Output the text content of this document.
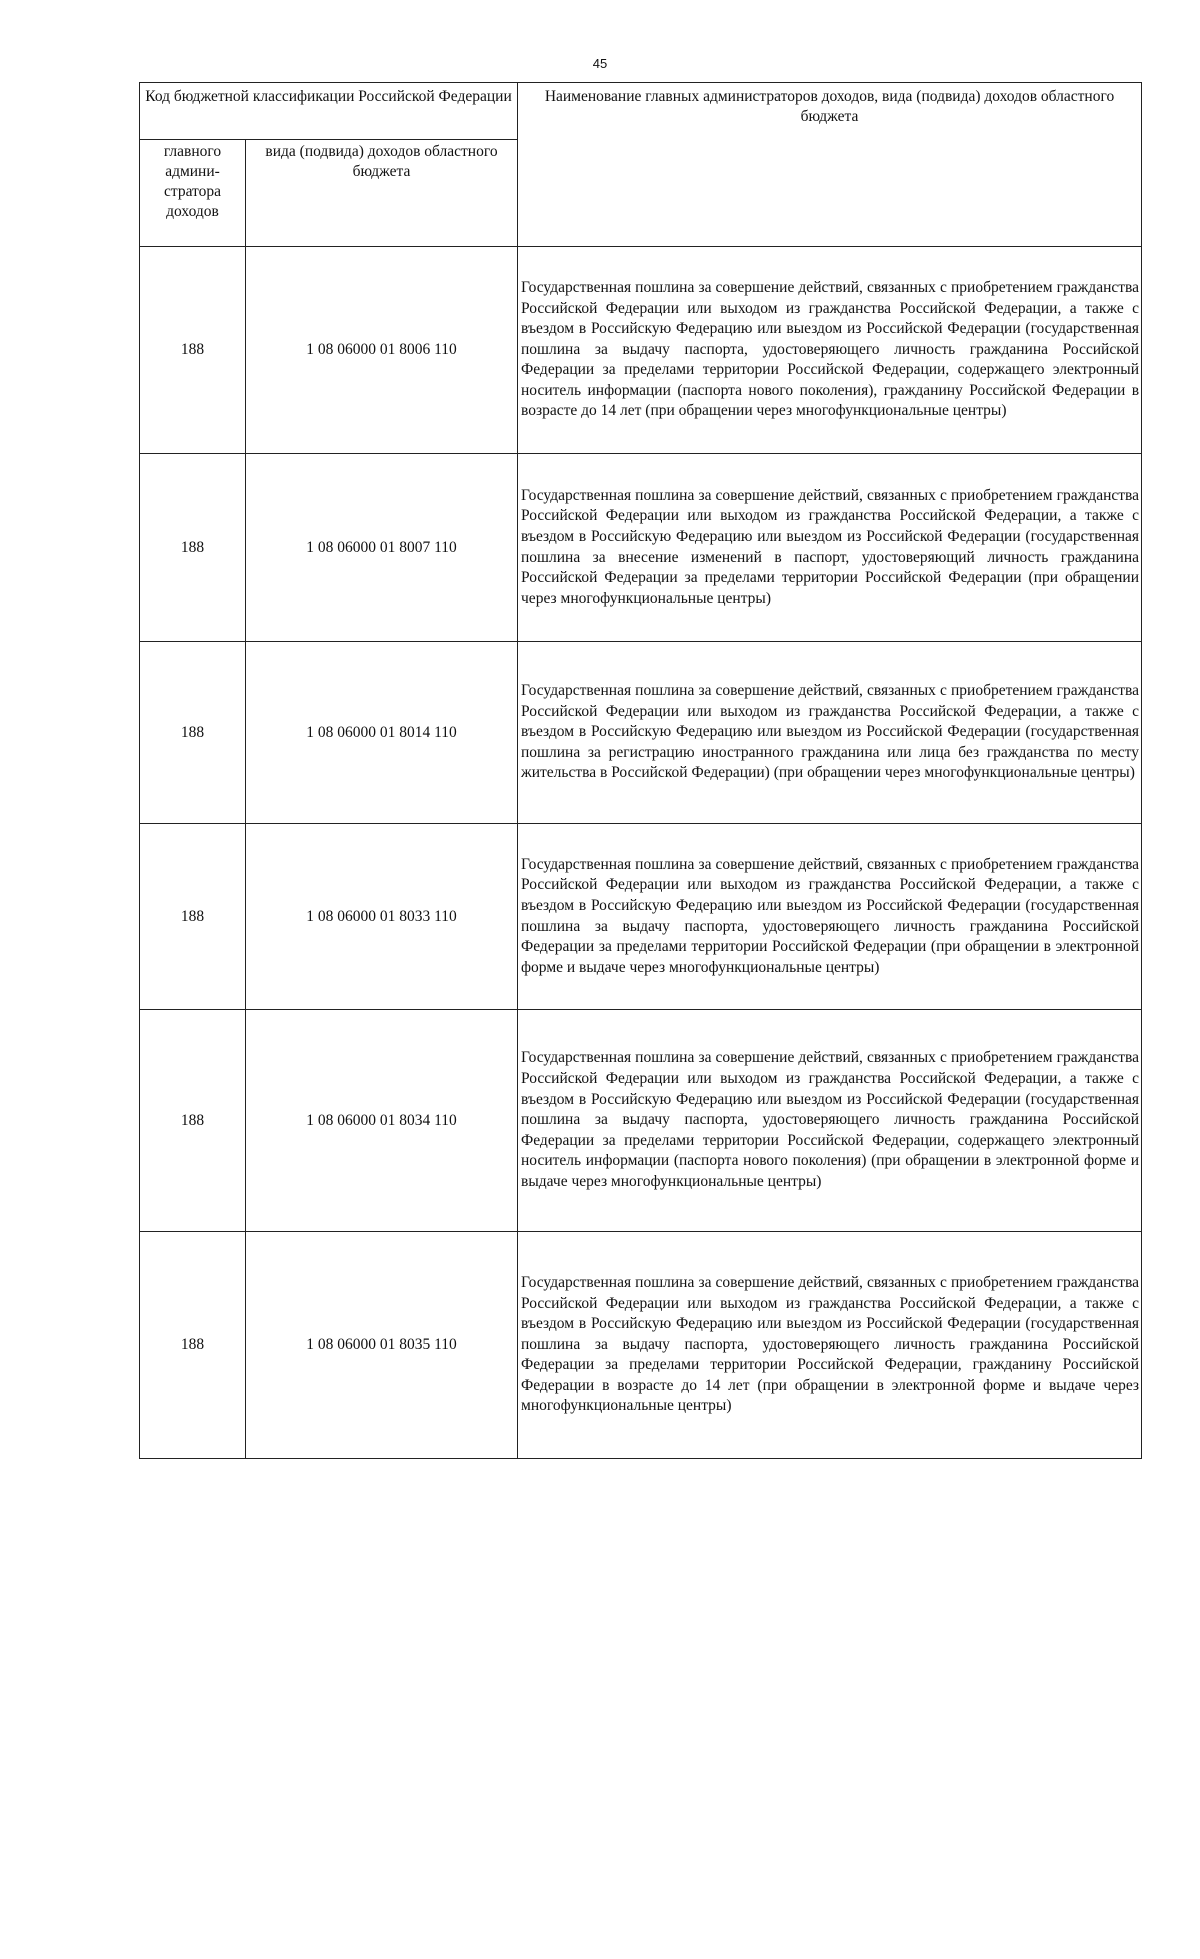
45
Код бюджетной классификации Российской Федерации		Наименование главных администраторов доходов, вида (подвида) доходов областного бюджета
главного админи-стратора доходов	вида (подвида) доходов областного бюджета	
188	1 08 06000 01 8006 110	Государственная пошлина за совершение действий, связанных с приобретением гражданства Российской Федерации или выходом из гражданства Российской Федерации, а также с въездом в Российскую Федерацию или выездом из Российской Федерации (государственная пошлина за выдачу паспорта, удостоверяющего личность гражданина Российской Федерации за пределами территории Российской Федерации, содержащего электронный носитель информации (паспорта нового поколения), гражданину Российской Федерации в возрасте до 14 лет (при обращении через многофункциональные центры)
188	1 08 06000 01 8007 110	Государственная пошлина за совершение действий, связанных с приобретением гражданства Российской Федерации или выходом из гражданства Российской Федерации, а также с въездом в Российскую Федерацию или выездом из Российской Федерации (государственная пошлина за внесение изменений в паспорт, удостоверяющий личность гражданина Российской Федерации за пределами территории Российской Федерации (при обращении через многофункциональные центры)
188	1 08 06000 01 8014 110	Государственная пошлина за совершение действий, связанных с приобретением гражданства Российской Федерации или выходом из гражданства Российской Федерации, а также с въездом в Российскую Федерацию или выездом из Российской Федерации (государственная пошлина за регистрацию иностранного гражданина или лица без гражданства по месту жительства в Российской Федерации) (при обращении через многофункциональные центры)
188	1 08 06000 01 8033 110	Государственная пошлина за совершение действий, связанных с приобретением гражданства Российской Федерации или выходом из гражданства Российской Федерации, а также с въездом в Российскую Федерацию или выездом из Российской Федерации (государственная пошлина за выдачу паспорта, удостоверяющего личность гражданина Российской Федерации за пределами территории Российской Федерации (при обращении в электронной форме и выдаче через многофункциональные центры)
188	1 08 06000 01 8034 110	Государственная пошлина за совершение действий, связанных с приобретением гражданства Российской Федерации или выходом из гражданства Российской Федерации, а также с въездом в Российскую Федерацию или выездом из Российской Федерации (государственная пошлина за выдачу паспорта, удостоверяющего личность гражданина Российской Федерации за пределами территории Российской Федерации, содержащего электронный носитель информации (паспорта нового поколения) (при обращении в электронной форме и выдаче через многофункциональные центры)
188	1 08 06000 01 8035 110	Государственная пошлина за совершение действий, связанных с приобретением гражданства Российской Федерации или выходом из гражданства Российской Федерации, а также с въездом в Российскую Федерацию или выездом из Российской Федерации (государственная пошлина за выдачу паспорта, удостоверяющего личность гражданина Российской Федерации за пределами территории Российской Федерации, гражданину Российской Федерации в возрасте до 14 лет (при обращении в электронной форме и выдаче через многофункциональные центры)
